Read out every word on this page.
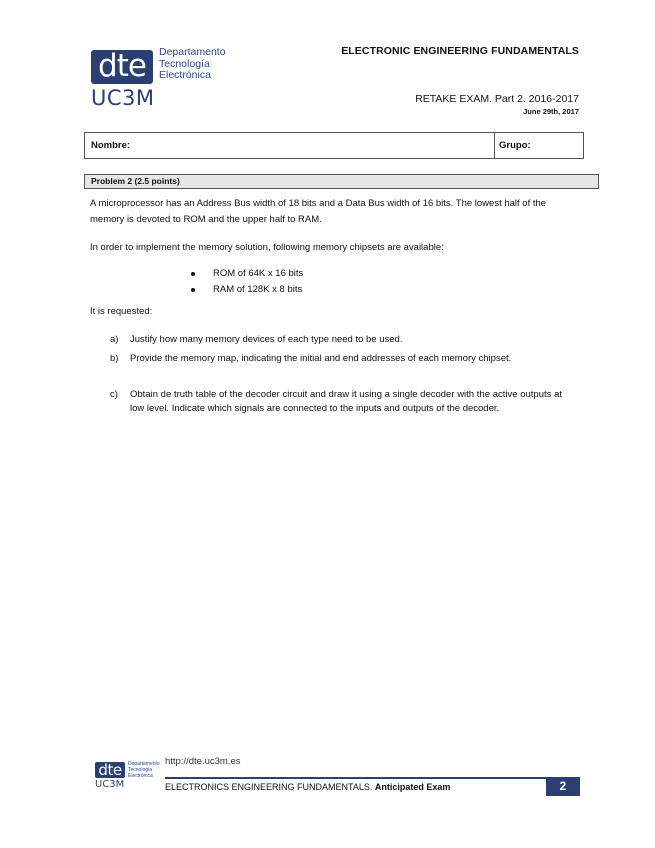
dte	Departamento
Tecnología
Electrónica
UC3M
ELECTRONIC ENGINEERING FUNDAMENTALS
RETAKE EXAM. Part 2. 2016-2017
June 29th, 2017
Nombre:	Grupo:
Problem 2 (2.5 points)
A microprocessor has an Address Bus width of 18 bits and a Data Bus width of 16 bits. The lowest half of the memory is devoted to ROM and the upper half to RAM.
In order to implement the memory solution, following memory chipsets are available:
ROM of 64K x 16 bits
RAM of 128K x 8 bits
It is requested:
a) Justify how many memory devices of each type need to be used.
b) Provide the memory map, indicating the initial and end addresses of each memory chipset.
c) Obtain de truth table of the decoder circuit and draw it using a single decoder with the active outputs at low level. Indicate which signals are connected to the inputs and outputs of the decoder.
dte	Departamento
Tecnología
Electrónica
UC3M
http://dte.uc3m.es
ELECTRONICS ENGINEERING FUNDAMENTALS. Anticipated Exam	2
